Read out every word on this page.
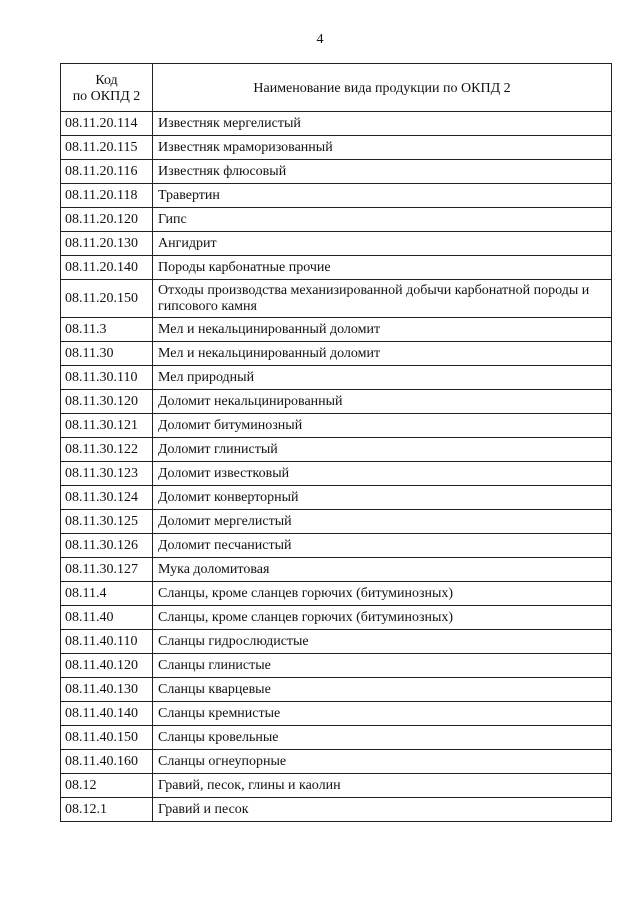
4
Код
по ОКПД 2	Наименование вида продукции по ОКПД 2
08.11.20.114	Известняк мергелистый
08.11.20.115	Известняк мраморизованный
08.11.20.116	Известняк флюсовый
08.11.20.118	Травертин
08.11.20.120	Гипс
08.11.20.130	Ангидрит
08.11.20.140	Породы карбонатные прочие
08.11.20.150	Отходы производства механизированной добычи карбонатной породы и гипсового камня
08.11.3	Мел и некальцинированный доломит
08.11.30	Мел и некальцинированный доломит
08.11.30.110	Мел природный
08.11.30.120	Доломит некальцинированный
08.11.30.121	Доломит битуминозный
08.11.30.122	Доломит глинистый
08.11.30.123	Доломит известковый
08.11.30.124	Доломит конверторный
08.11.30.125	Доломит мергелистый
08.11.30.126	Доломит песчанистый
08.11.30.127	Мука доломитовая
08.11.4	Сланцы, кроме сланцев горючих (битуминозных)
08.11.40	Сланцы, кроме сланцев горючих (битуминозных)
08.11.40.110	Сланцы гидрослюдистые
08.11.40.120	Сланцы глинистые
08.11.40.130	Сланцы кварцевые
08.11.40.140	Сланцы кремнистые
08.11.40.150	Сланцы кровельные
08.11.40.160	Сланцы огнеупорные
08.12	Гравий, песок, глины и каолин
08.12.1	Гравий и песок
